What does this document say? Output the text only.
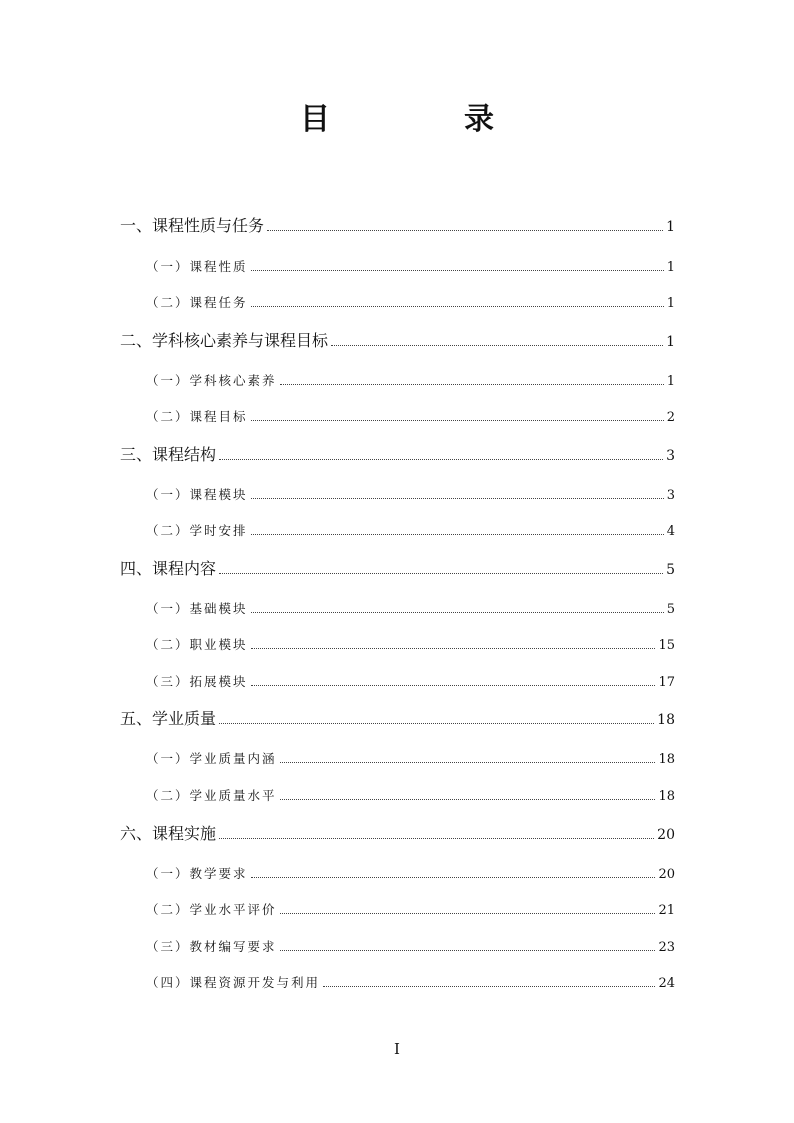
目　录
一、课程性质与任务	1
（一）课程性质	1
（二）课程任务	1
二、学科核心素养与课程目标	1
（一）学科核心素养	1
（二）课程目标	2
三、课程结构	3
（一）课程模块	3
（二）学时安排	4
四、课程内容	5
（一）基础模块	5
（二）职业模块	15
（三）拓展模块	17
五、学业质量	18
（一）学业质量内涵	18
（二）学业质量水平	18
六、课程实施	20
（一）教学要求	20
（二）学业水平评价	21
（三）教材编写要求	23
（四）课程资源开发与利用	24
I
